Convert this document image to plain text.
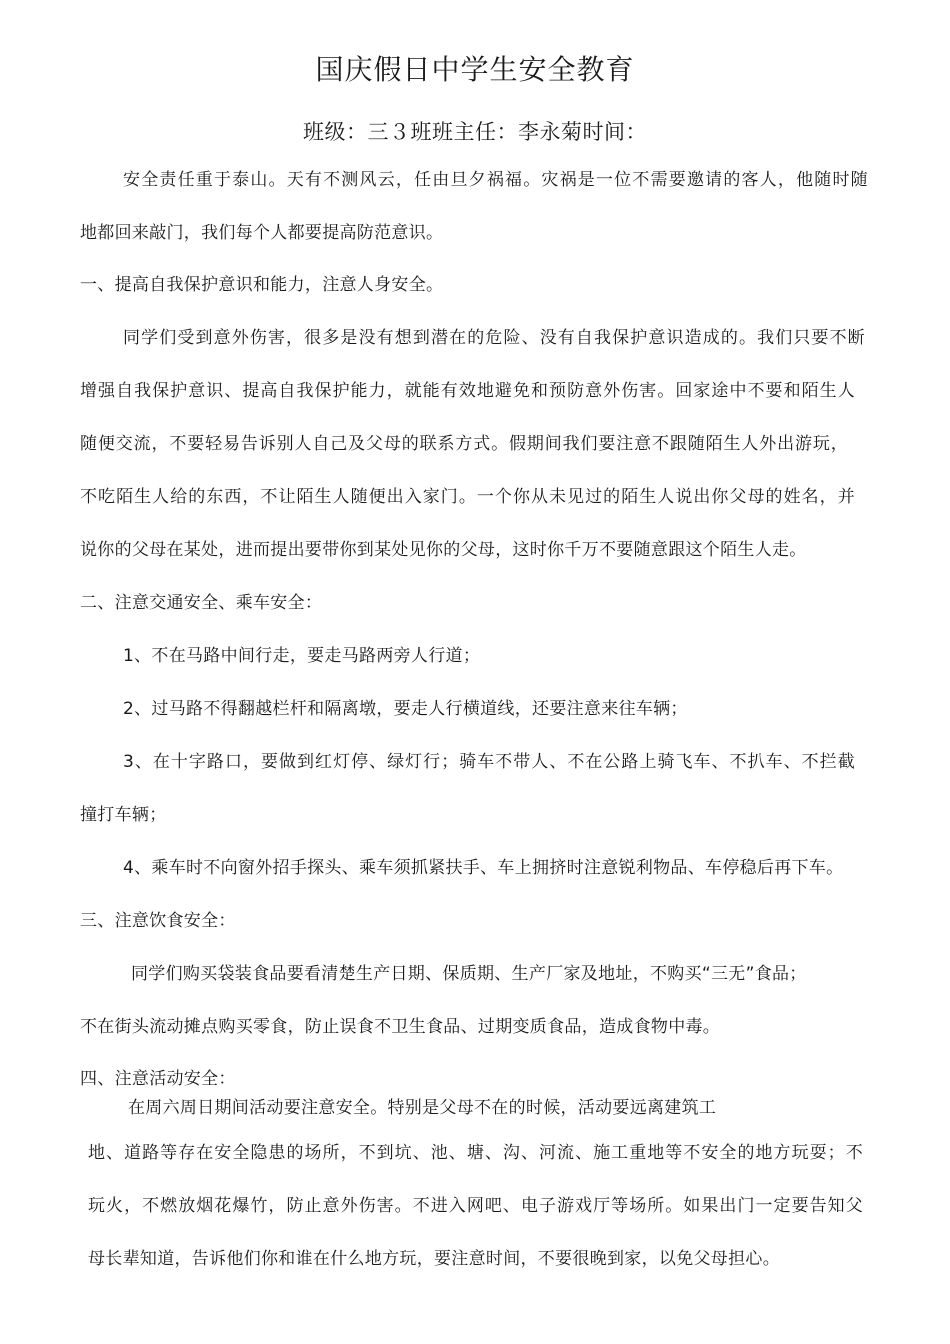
国庆假日中学生安全教育
班级：三３班班主任：李永菊时间：
安全责任重于泰山。天有不测风云，任由旦夕祸福。灾祸是一位不需要邀请的客人，他随时随
地都回来敲门，我们每个人都要提高防范意识。
一、提高自我保护意识和能力，注意人身安全。
同学们受到意外伤害，很多是没有想到潜在的危险、没有自我保护意识造成的。我们只要不断
增强自我保护意识、提高自我保护能力，就能有效地避免和预防意外伤害。回家途中不要和陌生人
随便交流，不要轻易告诉别人自己及父母的联系方式。假期间我们要注意不跟随陌生人外出游玩，
不吃陌生人给的东西，不让陌生人随便出入家门。一个你从未见过的陌生人说出你父母的姓名，并
说你的父母在某处，进而提出要带你到某处见你的父母，这时你千万不要随意跟这个陌生人走。
二、注意交通安全、乘车安全：
1、不在马路中间行走，要走马路两旁人行道；
2、过马路不得翻越栏杆和隔离墩，要走人行横道线，还要注意来往车辆；
3、在十字路口，要做到红灯停、绿灯行；骑车不带人、不在公路上骑飞车、不扒车、不拦截
撞打车辆；
4、乘车时不向窗外招手探头、乘车须抓紧扶手、车上拥挤时注意锐利物品、车停稳后再下车。
三、注意饮食安全：
同学们购买袋装食品要看清楚生产日期、保质期、生产厂家及地址，不购买“三无”食品；
不在街头流动摊点购买零食，防止误食不卫生食品、过期变质食品，造成食物中毒。
四、注意活动安全：
在周六周日期间活动要注意安全。特别是父母不在的时候，活动要远离建筑工
地、道路等存在安全隐患的场所，不到坑、池、塘、沟、河流、施工重地等不安全的地方玩耍；不
玩火，不燃放烟花爆竹，防止意外伤害。不进入网吧、电子游戏厅等场所。如果出门一定要告知父
母长辈知道，告诉他们你和谁在什么地方玩，要注意时间，不要很晚到家，以免父母担心。
